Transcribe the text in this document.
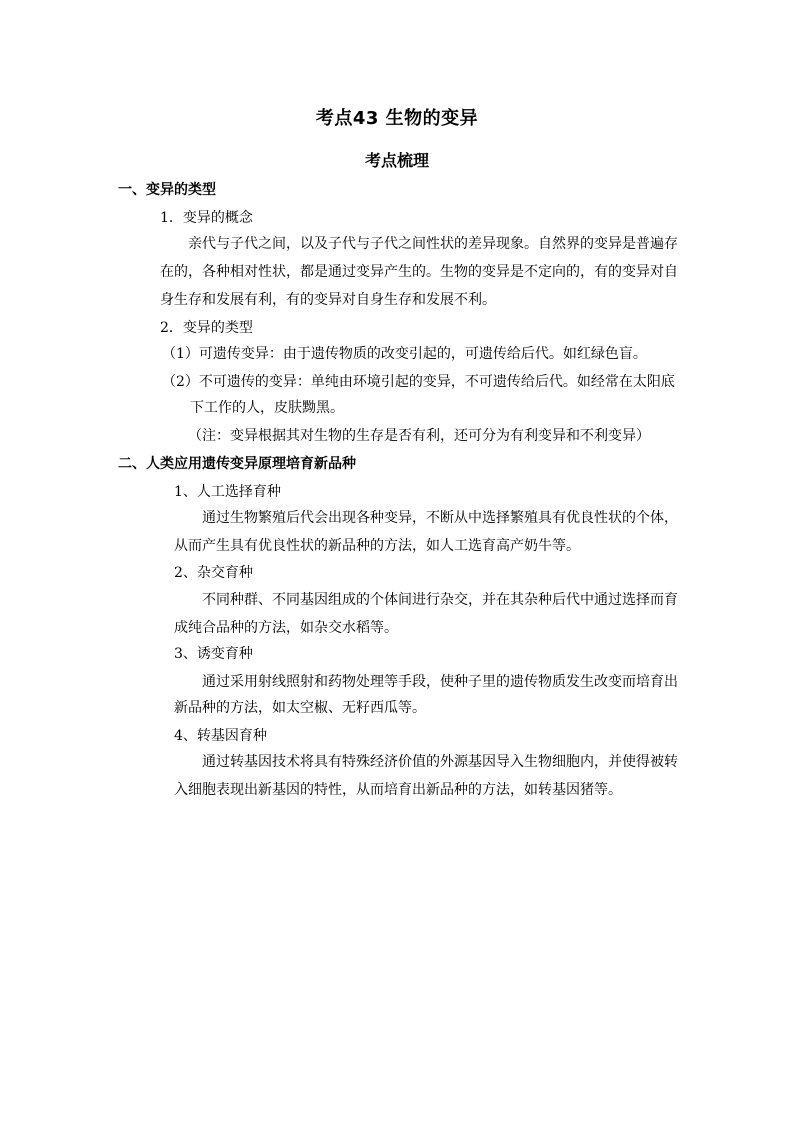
考点43 生物的变异
考点梳理
一、变异的类型
1．变异的概念
亲代与子代之间，以及子代与子代之间性状的差异现象。自然界的变异是普遍存
在的，各种相对性状，都是通过变异产生的。生物的变异是不定向的，有的变异对自
身生存和发展有利，有的变异对自身生存和发展不利。
2．变异的类型
（1）可遗传变异：由于遗传物质的改变引起的，可遗传给后代。如红绿色盲。
（2）不可遗传的变异：单纯由环境引起的变异，不可遗传给后代。如经常在太阳底
下工作的人，皮肤黝黑。
（注：变异根据其对生物的生存是否有利，还可分为有利变异和不利变异）
二、人类应用遗传变异原理培育新品种
1、人工选择育种
通过生物繁殖后代会出现各种变异，不断从中选择繁殖具有优良性状的个体，
从而产生具有优良性状的新品种的方法，如人工选育高产奶牛等。
2、杂交育种
不同种群、不同基因组成的个体间进行杂交，并在其杂种后代中通过选择而育
成纯合品种的方法，如杂交水稻等。
3、诱变育种
通过采用射线照射和药物处理等手段，使种子里的遗传物质发生改变而培育出
新品种的方法，如太空椒、无籽西瓜等。
4、转基因育种
通过转基因技术将具有特殊经济价值的外源基因导入生物细胞内，并使得被转
入细胞表现出新基因的特性，从而培育出新品种的方法，如转基因猪等。
